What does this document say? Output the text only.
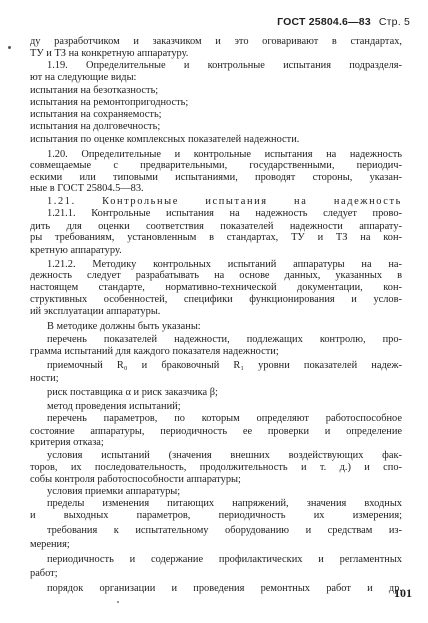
ГОСТ 25804.6—83 Стр. 5
ду разработчиком и заказчиком и это оговаривают в стандартах,
ТУ и ТЗ на конкретную аппаратуру.
1.19. Определительные и контрольные испытания подразделя-
ют на следующие виды:
испытания на безотказность;
испытания на ремонтопригодность;
испытания на сохраняемость;
испытания на долговечность;
испытания по оценке комплексных показателей надежности.
1.20. Определительные и контрольные испытания на надежность
совмещаемые с предварительными, государственными, периодич-
ескими или типовыми испытаниями, проводят стороны, указан-
ные в ГОСТ 25804.5—83.
1.21. Контрольные испытания на надежность
1.21.1. Контрольные испытания на надежность следует прово-
дить для оценки соответствия показателей надежности аппарату-
ры требованиям, установленным в стандартах, ТУ и ТЗ на кон-
кретную аппаратуру.
1.21.2. Методику контрольных испытаний аппаратуры на на-
дежность следует разрабатывать на основе данных, указанных в
настоящем стандарте, нормативно-технической документации, кон-
структивных особенностей, специфики функционирования и услов-
ий эксплуатации аппаратуры.
В методике должны быть указаны:
перечень показателей надежности, подлежащих контролю, про-
грамма испытаний для каждого показателя надежности;
приемочный R₀ и браковочный R₁ уровни показателей надеж-
ности;
риск поставщика α и риск заказчика β;
метод проведения испытаний;
перечень параметров, по которым определяют работоспособное
состояние аппаратуры, периодичность ее проверки и определение
критерия отказа;
условия испытаний (значения внешних воздействующих фак-
торов, их последовательность, продолжительность и т. д.) и спо-
собы контроля работоспособности аппаратуры;
условия приемки аппаратуры;
пределы изменения питающих напряжений, значения входных
и выходных параметров, периодичность их измерения;
требования к испытательному оборудованию и средствам из-
мерения;
периодичность и содержание профилактических и регламентных
работ;
порядок организации и проведения ремонтных работ и др.
101
